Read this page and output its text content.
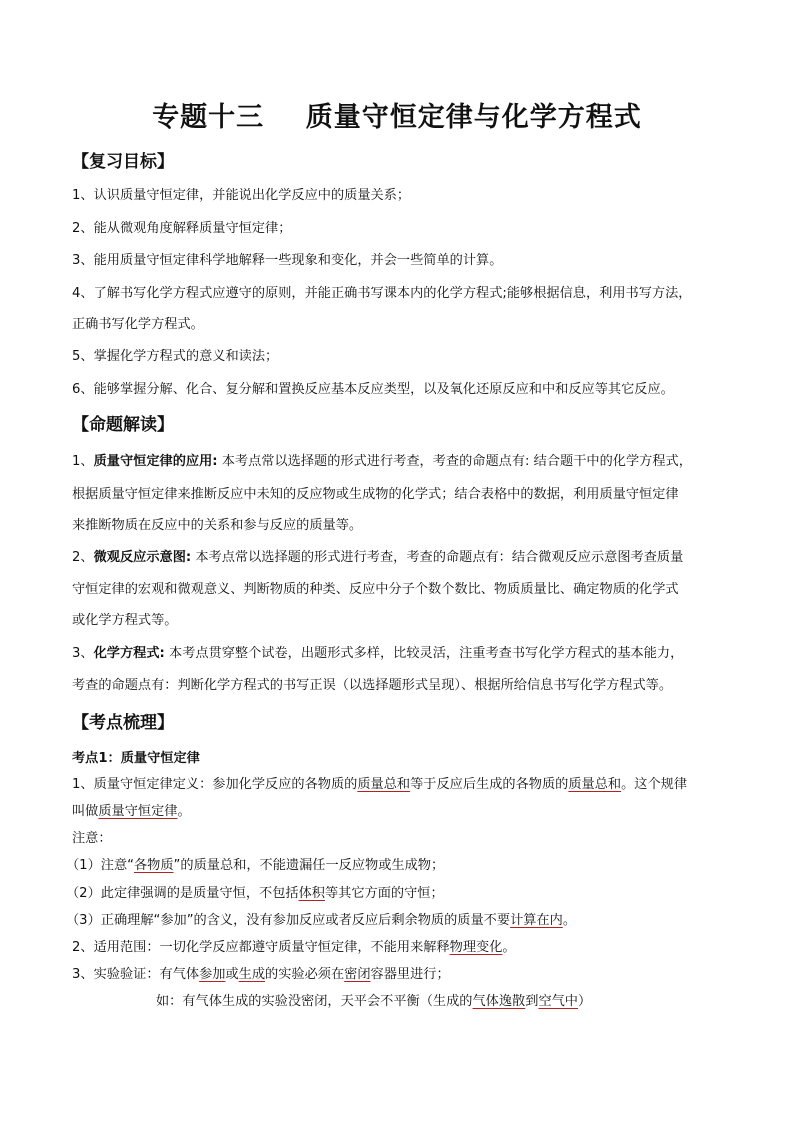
专题十三    质量守恒定律与化学方程式
【复习目标】
1、认识质量守恒定律，并能说出化学反应中的质量关系；
2、能从微观角度解释质量守恒定律；
3、能用质量守恒定律科学地解释一些现象和变化，并会一些简单的计算。
4、了解书写化学方程式应遵守的原则，并能正确书写课本内的化学方程式;能够根据信息，利用书写方法，
正确书写化学方程式。
5、掌握化学方程式的意义和读法；
6、能够掌握分解、化合、复分解和置换反应基本反应类型，以及氧化还原反应和中和反应等其它反应。
【命题解读】
1、质量守恒定律的应用: 本考点常以选择题的形式进行考查，考查的命题点有: 结合题干中的化学方程式，
根据质量守恒定律来推断反应中未知的反应物或生成物的化学式；结合表格中的数据，利用质量守恒定律
来推断物质在反应中的关系和参与反应的质量等。
2、微观反应示意图: 本考点常以选择题的形式进行考查，考查的命题点有：结合微观反应示意图考查质量
守恒定律的宏观和微观意义、判断物质的种类、反应中分子个数个数比、物质质量比、确定物质的化学式
或化学方程式等。
3、化学方程式: 本考点贯穿整个试卷，出题形式多样，比较灵活，注重考查书写化学方程式的基本能力，
考查的命题点有：判断化学方程式的书写正误（以选择题形式呈现）、根据所给信息书写化学方程式等。
【考点梳理】
考点1：质量守恒定律
1、质量守恒定律定义：参加化学反应的各物质的质量总和等于反应后生成的各物质的质量总和。这个规律
叫做质量守恒定律。
注意：
（1）注意“各物质”的质量总和，不能遗漏任一反应物或生成物；
（2）此定律强调的是质量守恒，不包括体积等其它方面的守恒；
（3）正确理解“参加”的含义，没有参加反应或者反应后剩余物质的质量不要计算在内。
2、适用范围：一切化学反应都遵守质量守恒定律，不能用来解释物理变化。
3、实验验证：有气体参加或生成的实验必须在密闭容器里进行；
如：有气体生成的实验没密闭，天平会不平衡（生成的气体逸散到空气中）
